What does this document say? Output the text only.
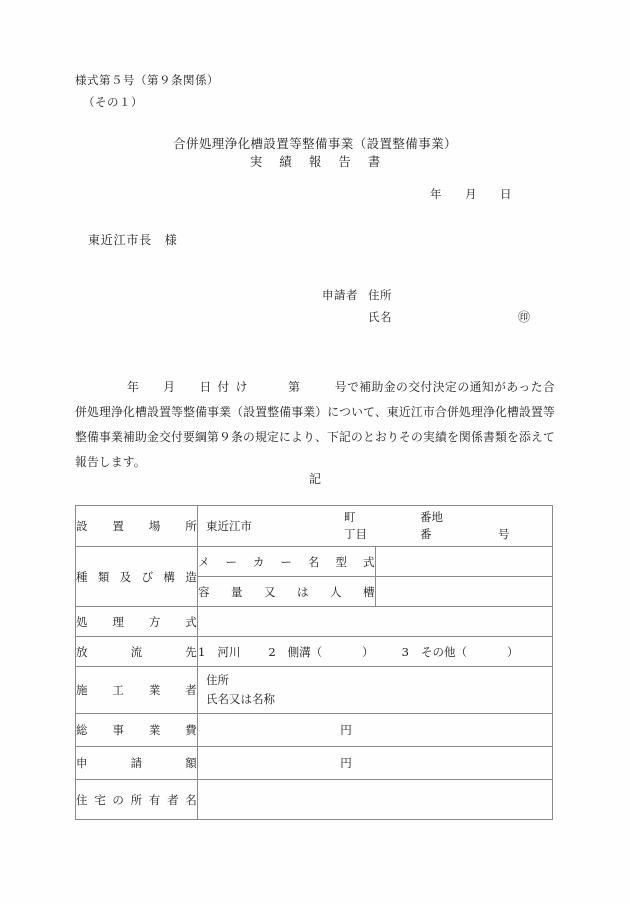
様式第５号（第９条関係）
（その１）
合併処理浄化槽設置等整備事業（設置整備事業）
実績報告書
年　月　日
東近江市長　様
申請者 住所
氏名	㊞
年　月　日付け	第	号で補助金の交付決定の通知があった合併処理浄化槽設置等整備事業（設置整備事業）について、東近江市合併処理浄化槽設置等整備事業補助金交付要綱第９条の規定により、下記のとおりその実績を関係書類を添えて報告します。
記
設置場所	東近江市
町
丁目
番地
番	号

種類及び構造	メーカー名型式	
	容量又は人槽	
処理方式		
放流先	1 河川 2 側溝（ ） 3 その他（ ）	

施工業者	住所
氏名又は名称	

総事業費	円	

申請額	円	

住宅の所有者名		
